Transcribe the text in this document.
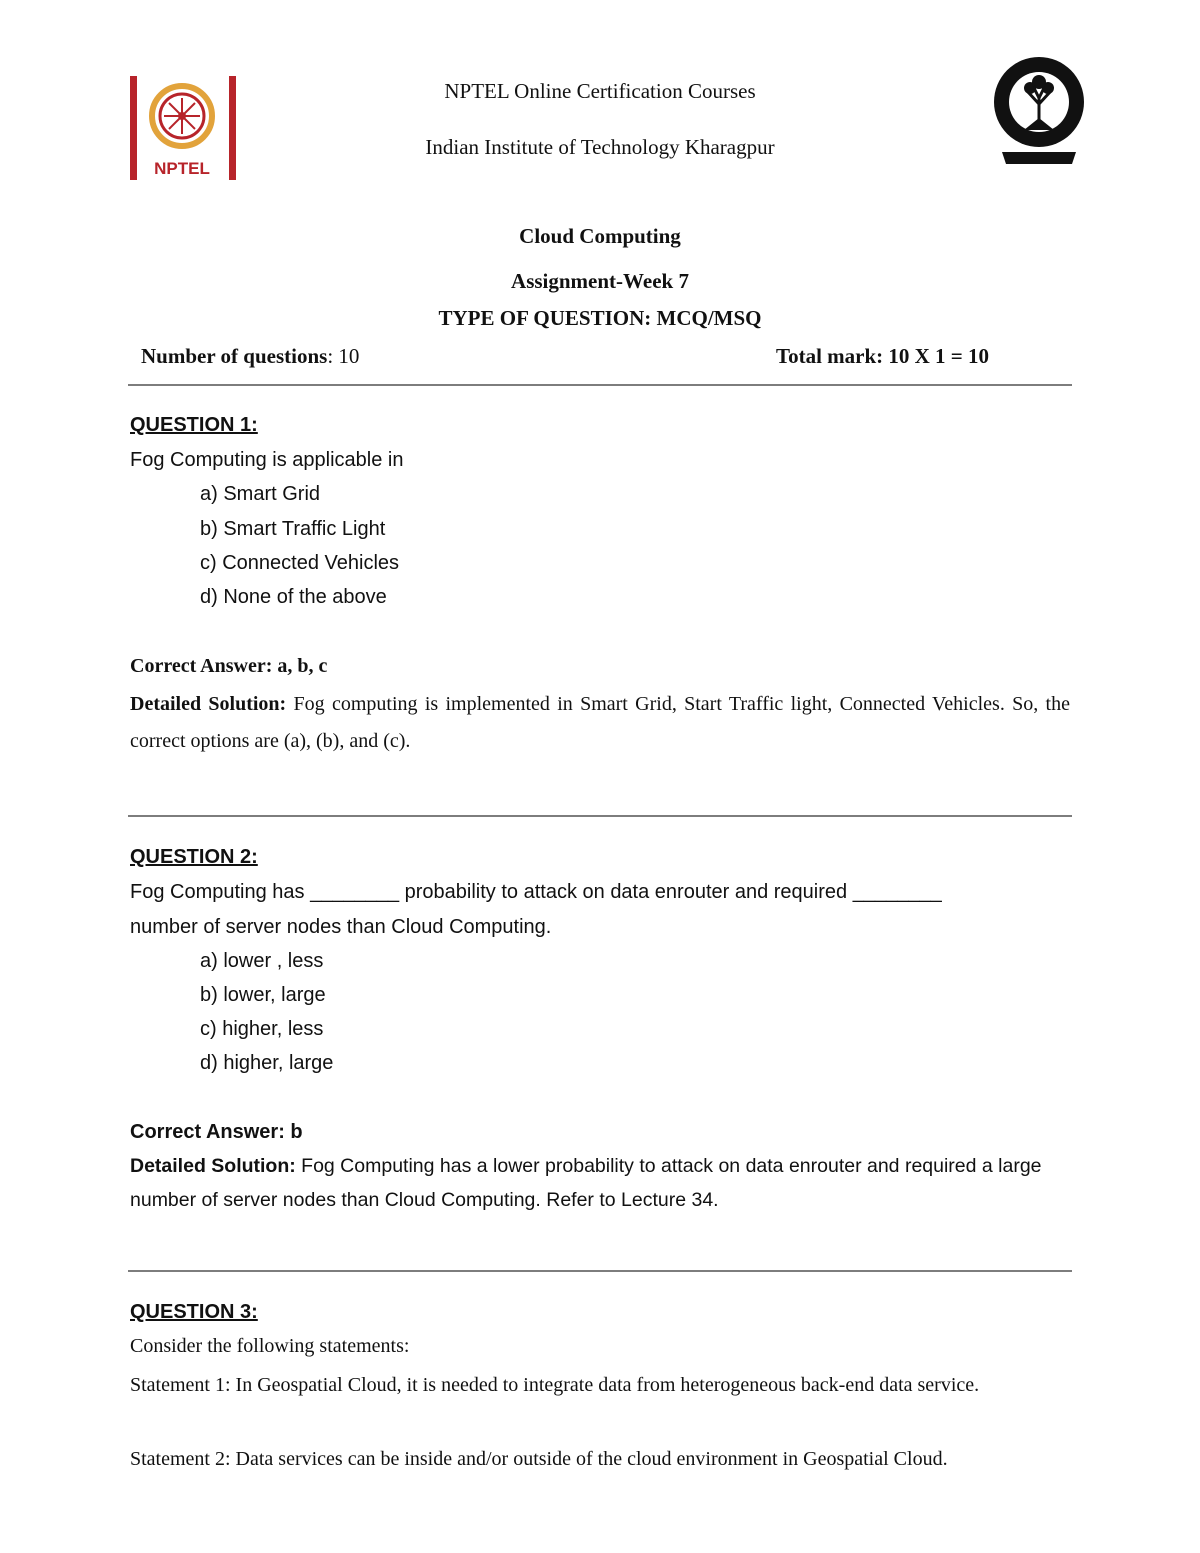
NPTEL
NPTEL Online Certification Courses
Indian Institute of Technology Kharagpur
Cloud Computing
Assignment-Week 7
TYPE OF QUESTION: MCQ/MSQ
Number of questions: 10	Total mark: 10 X 1 = 10
QUESTION 1:
Fog Computing is applicable in
a) Smart Grid
b) Smart Traffic Light
c) Connected Vehicles
d) None of the above
Correct Answer: a, b, c
Detailed Solution: Fog computing is implemented in Smart Grid, Start Traffic light, Connected Vehicles. So, the correct options are (a), (b), and (c).
QUESTION 2:
Fog Computing has ________ probability to attack on data enrouter and required ________
number of server nodes than Cloud Computing.
a) lower , less
b) lower, large
c) higher, less
d) higher, large
Correct Answer: b
Detailed Solution: Fog Computing has a lower probability to attack on data enrouter and required a large number of server nodes than Cloud Computing. Refer to Lecture 34.
QUESTION 3:
Consider the following statements:
Statement 1: In Geospatial Cloud, it is needed to integrate data from heterogeneous back-end data service.
Statement 2: Data services can be inside and/or outside of the cloud environment in Geospatial Cloud.
